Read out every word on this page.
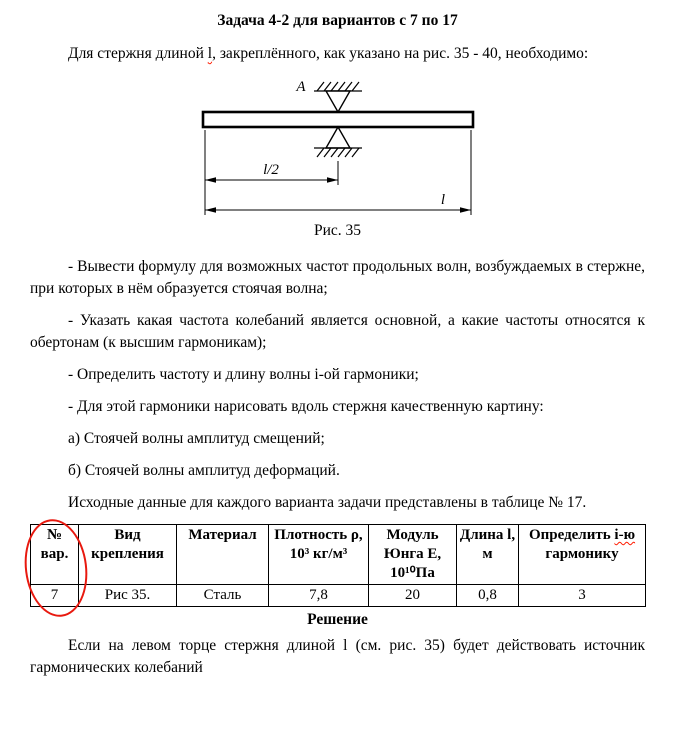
Задача 4-2 для вариантов с 7 по 17

Для стержня длиной l, закреплённого, как указано на рис. 35 - 40, необходимо:

A
l/2
l
Рис. 35

- Вывести формулу для возможных частот продольных волн, возбуждаемых в стержне, при которых в нём образуется стоячая волна;

- Указать какая частота колебаний является основной, а какие частоты относятся к обертонам (к высшим гармоникам);

- Определить частоту и длину волны i-ой гармоники;

- Для этой гармоники нарисовать вдоль стержня качественную картину:

а) Стоячей волны амплитуд смещений;

б) Стоячей волны амплитуд деформаций.

Исходные данные для каждого варианта задачи представлены в таблице № 17.

№ вар.	Вид крепления	Материал	Плотность ρ, 10³ кг/м³	Модуль Юнга Е, 10¹⁰Па	Длина l, м	Определить i-ю гармонику
7	Рис 35.	Сталь	7,8	20	0,8	3
Решение

Если на левом торце стержня длиной l (см. рис. 35) будет действовать источник гармонических колебаний
